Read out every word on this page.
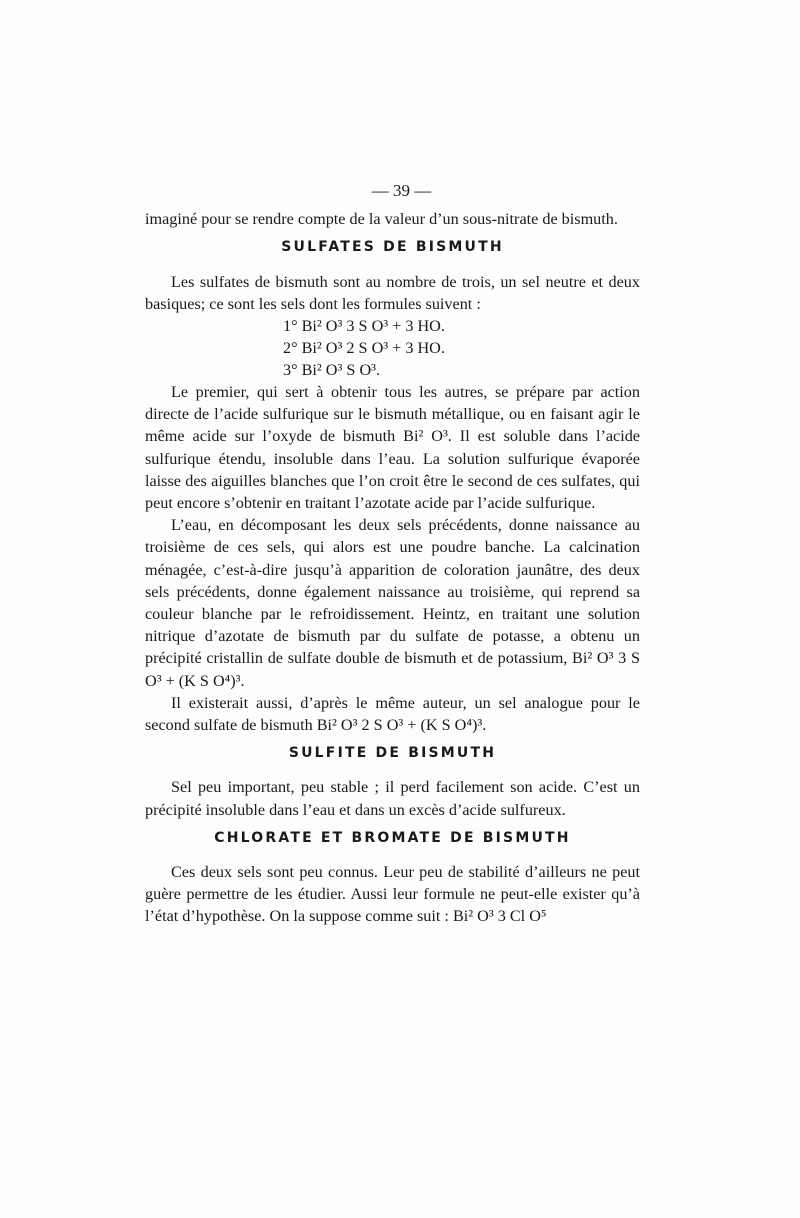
— 39 —

imaginé pour se rendre compte de la valeur d’un sous-nitrate de bismuth.

SULFATES DE BISMUTH

Les sulfates de bismuth sont au nombre de trois, un sel neutre et deux basiques; ce sont les sels dont les formules suivent :

1° Bi² O³ 3 S O³ + 3 HO.
2° Bi² O³ 2 S O³ + 3 HO.
3° Bi² O³ S O³.

Le premier, qui sert à obtenir tous les autres, se prépare par action directe de l’acide sulfurique sur le bismuth métallique, ou en faisant agir le même acide sur l’oxyde de bismuth Bi² O³. Il est soluble dans l’acide sulfurique étendu, insoluble dans l’eau. La solution sulfurique évaporée laisse des aiguilles blanches que l’on croit être le second de ces sulfates, qui peut encore s’obtenir en traitant l’azotate acide par l’acide sulfurique.

L’eau, en décomposant les deux sels précédents, donne naissance au troisième de ces sels, qui alors est une poudre banche. La calcination ménagée, c’est-à-dire jusqu’à apparition de coloration jaunâtre, des deux sels précédents, donne également naissance au troisième, qui reprend sa couleur blanche par le refroidissement. Heintz, en traitant une solution nitrique d’azotate de bismuth par du sulfate de potasse, a obtenu un précipité cristallin de sulfate double de bismuth et de potassium, Bi² O³ 3 S O³ + (K S O⁴)³.

Il existerait aussi, d’après le même auteur, un sel analogue pour le second sulfate de bismuth Bi² O³ 2 S O³ + (K S O⁴)³.

SULFITE DE BISMUTH

Sel peu important, peu stable ; il perd facilement son acide. C’est un précipité insoluble dans l’eau et dans un excès d’acide sulfureux.

CHLORATE ET BROMATE DE BISMUTH

Ces deux sels sont peu connus. Leur peu de stabilité d’ailleurs ne peut guère permettre de les étudier. Aussi leur formule ne peut-elle exister qu’à l’état d’hypothèse. On la suppose comme suit : Bi² O³ 3 Cl O⁵
